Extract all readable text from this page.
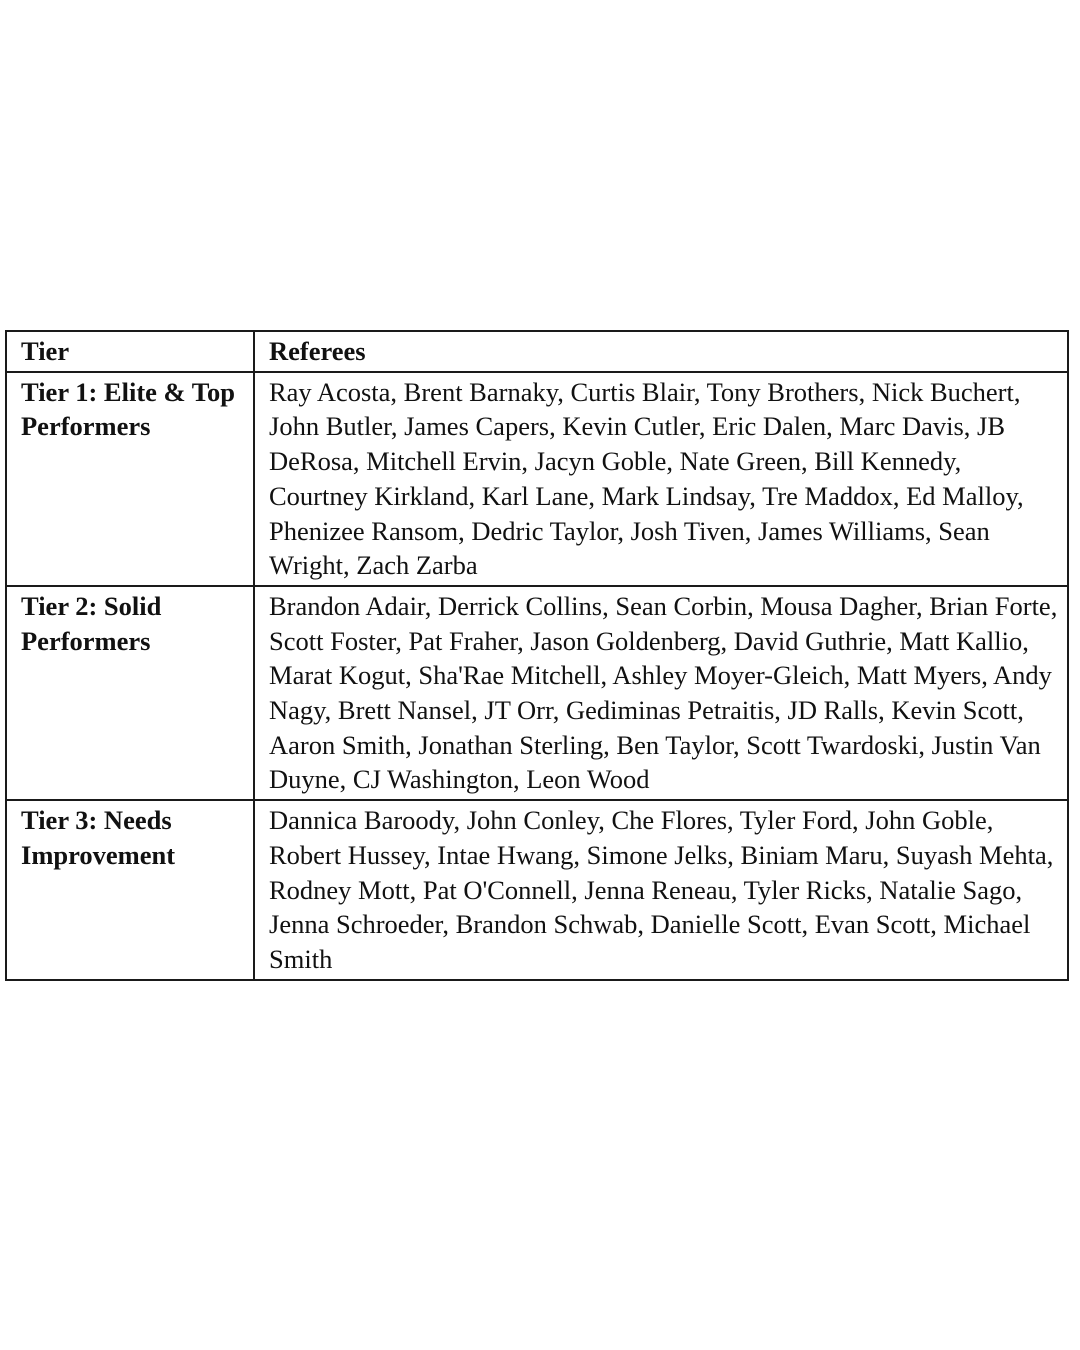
Tier	Referees
Tier 1: Elite & Top Performers	Ray Acosta, Brent Barnaky, Curtis Blair, Tony Brothers, Nick Buchert, John Butler, James Capers, Kevin Cutler, Eric Dalen, Marc Davis, JB DeRosa, Mitchell Ervin, Jacyn Goble, Nate Green, Bill Kennedy, Courtney Kirkland, Karl Lane, Mark Lindsay, Tre Maddox, Ed Malloy, Phenizee Ransom, Dedric Taylor, Josh Tiven, James Williams, Sean Wright, Zach Zarba
Tier 2: Solid Performers	Brandon Adair, Derrick Collins, Sean Corbin, Mousa Dagher, Brian Forte, Scott Foster, Pat Fraher, Jason Goldenberg, David Guthrie, Matt Kallio, Marat Kogut, Sha'Rae Mitchell, Ashley Moyer-Gleich, Matt Myers, Andy Nagy, Brett Nansel, JT Orr, Gediminas Petraitis, JD Ralls, Kevin Scott, Aaron Smith, Jonathan Sterling, Ben Taylor, Scott Twardoski, Justin Van Duyne, CJ Washington, Leon Wood
Tier 3: Needs Improvement	Dannica Baroody, John Conley, Che Flores, Tyler Ford, John Goble, Robert Hussey, Intae Hwang, Simone Jelks, Biniam Maru, Suyash Mehta, Rodney Mott, Pat O'Connell, Jenna Reneau, Tyler Ricks, Natalie Sago, Jenna Schroeder, Brandon Schwab, Danielle Scott, Evan Scott, Michael Smith
